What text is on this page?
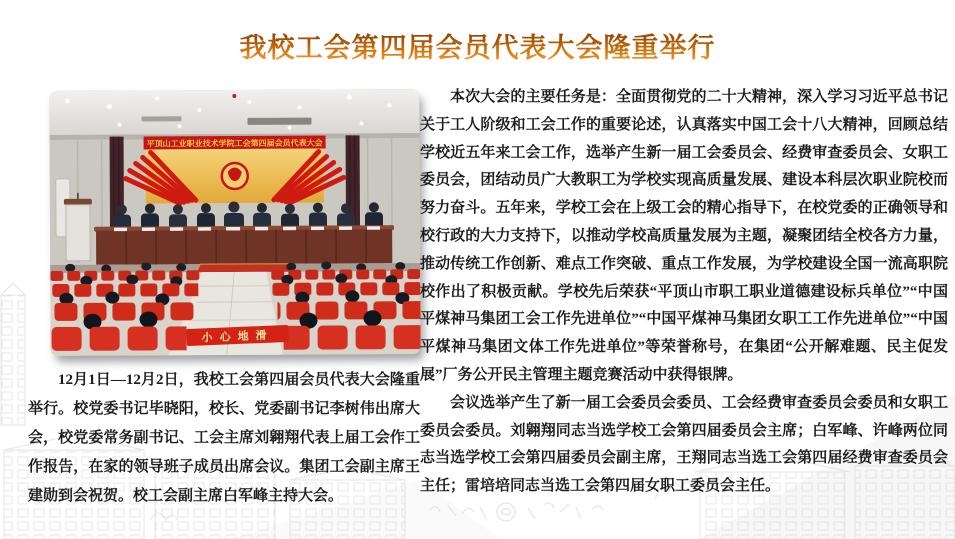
我校工会第四届会员代表大会隆重举行
平顶山工业职业技术学院工会第四届会员代表大会
小心地滑

12月1日—12月2日，我校工会第四届会员代表大会隆重举行。校党委书记毕晓阳，校长、党委副书记李树伟出席大会，校党委常务副书记、工会主席刘翱翔代表上届工会作工作报告，在家的领导班子成员出席会议。集团工会副主席王建勋到会祝贺。校工会副主席白军峰主持大会。

本次大会的主要任务是：全面贯彻党的二十大精神，深入学习习近平总书记关于工人阶级和工会工作的重要论述，认真落实中国工会十八大精神，回顾总结学校近五年来工会工作，选举产生新一届工会委员会、经费审查委员会、女职工委员会，团结动员广大教职工为学校实现高质量发展、建设本科层次职业院校而努力奋斗。五年来，学校工会在上级工会的精心指导下，在校党委的正确领导和校行政的大力支持下，以推动学校高质量发展为主题，凝聚团结全校各方力量，推动传统工作创新、难点工作突破、重点工作发展，为学校建设全国一流高职院校作出了积极贡献。学校先后荣获“平顶山市职工职业道德建设标兵单位”“中国平煤神马集团工会工作先进单位”“中国平煤神马集团女职工工作先进单位”“中国平煤神马集团文体工作先进单位”等荣誉称号，在集团“公开解难题、民主促发展”厂务公开民主管理主题竞赛活动中获得银牌。

会议选举产生了新一届工会委员会委员、工会经费审查委员会委员和女职工委员会委员。刘翱翔同志当选学校工会第四届委员会主席；白军峰、许峰两位同志当选学校工会第四届委员会副主席，王翔同志当选工会第四届经费审查委员会主任；雷培培同志当选工会第四届女职工委员会主任。
